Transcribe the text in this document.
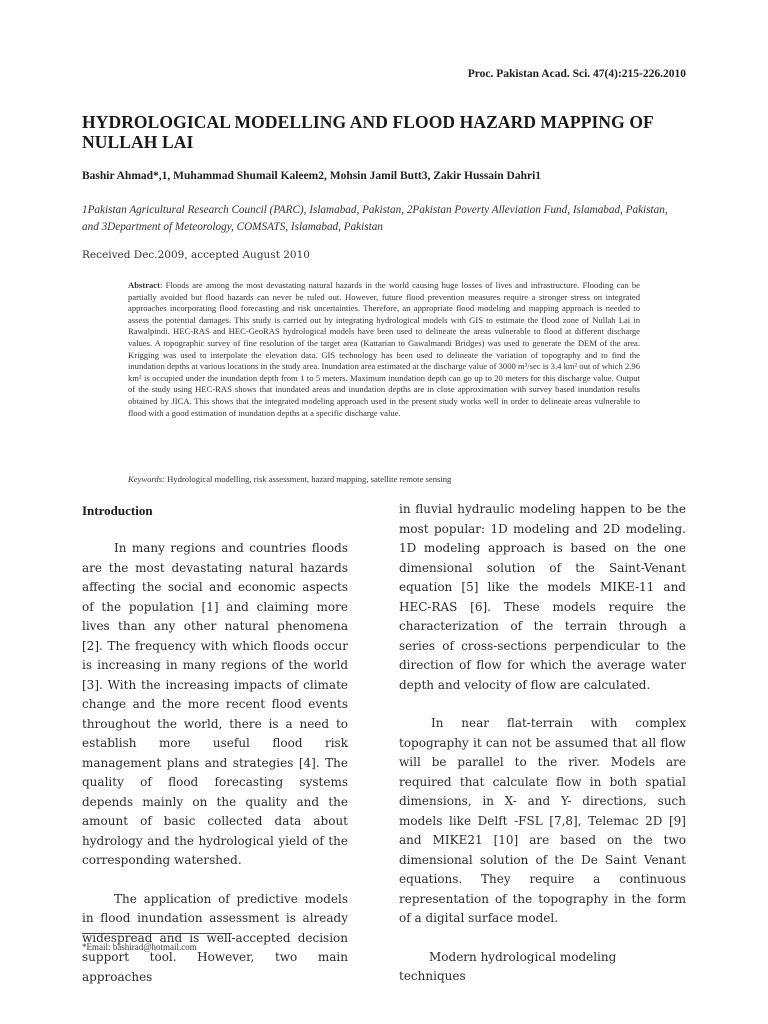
Proc. Pakistan Acad. Sci. 47(4):215-226.2010
HYDROLOGICAL MODELLING AND FLOOD HAZARD MAPPING OF NULLAH LAI
Bashir Ahmad*,1, Muhammad Shumail Kaleem2, Mohsin Jamil Butt3, Zakir Hussain Dahri1
1Pakistan Agricultural Research Council (PARC), Islamabad, Pakistan, 2Pakistan Poverty Alleviation Fund, Islamabad, Pakistan, and 3Department of Meteorology, COMSATS, Islamabad, Pakistan
Received Dec.2009, accepted August 2010
Abstract: Floods are among the most devastating natural hazards in the world causing huge losses of lives and infrastructure. Flooding can be partially avoided but flood hazards can never be ruled out. However, future flood prevention measures require a stronger stress on integrated approaches incorporating flood forecasting and risk uncertainties. Therefore, an appropriate flood modeling and mapping approach is needed to assess the potential damages. This study is carried out by integrating hydrological models with GIS to estimate the flood zone of Nullah Lai in Rawalpindi. HEC-RAS and HEC-GeoRAS hydrological models have been used to delineate the areas vulnerable to flood at different discharge values. A topographic survey of fine resolution of the target area (Kattarian to Gawalmandi Bridges) was used to generate the DEM of the area. Krigging was used to interpolate the elevation data. GIS technology has been used to delineate the variation of topography and to find the inundation depths at various locations in the study area. Inundation area estimated at the discharge value of 3000 m³/sec is 3.4 km² out of which 2.96 km² is occupied under the inundation depth from 1 to 5 meters. Maximum inundation depth can go up to 20 meters for this discharge value. Output of the study using HEC-RAS shows that inundated areas and inundation depths are in close approximation with survey based inundation results obtained by JICA. This shows that the integrated modeling approach used in the present study works well in order to delineate areas vulnerable to flood with a good estimation of inundation depths at a specific discharge value.
Keywords: Hydrological modelling, risk assessment, hazard mapping, satellite remote sensing
Introduction

In many regions and countries floods are the most devastating natural hazards affecting the social and economic aspects of the population [1] and claiming more lives than any other natural phenomena [2]. The frequency with which floods occur is increasing in many regions of the world [3]. With the increasing impacts of climate change and the more recent flood events throughout the world, there is a need to establish more useful flood risk management plans and strategies [4]. The quality of flood forecasting systems depends mainly on the quality and the amount of basic collected data about hydrology and the hydrological yield of the corresponding watershed.

The application of predictive models in flood inundation assessment is already widespread and is well-accepted decision support tool. However, two main approaches

in fluvial hydraulic modeling happen to be the most popular: 1D modeling and 2D modeling. 1D modeling approach is based on the one dimensional solution of the Saint-Venant equation [5] like the models MIKE-11 and HEC-RAS [6]. These models require the characterization of the terrain through a series of cross-sections perpendicular to the direction of flow for which the average water depth and velocity of flow are calculated.

In near flat-terrain with complex topography it can not be assumed that all flow will be parallel to the river. Models are required that calculate flow in both spatial dimensions, in X- and Y- directions, such models like Delft -FSL [7,8], Telemac 2D [9] and MIKE21 [10] are based on the two dimensional solution of the De Saint Venant equations. They require a continuous representation of the topography in the form of a digital surface model.

Modern hydrological modeling techniques

*Email: bashirad@hotmail.com
